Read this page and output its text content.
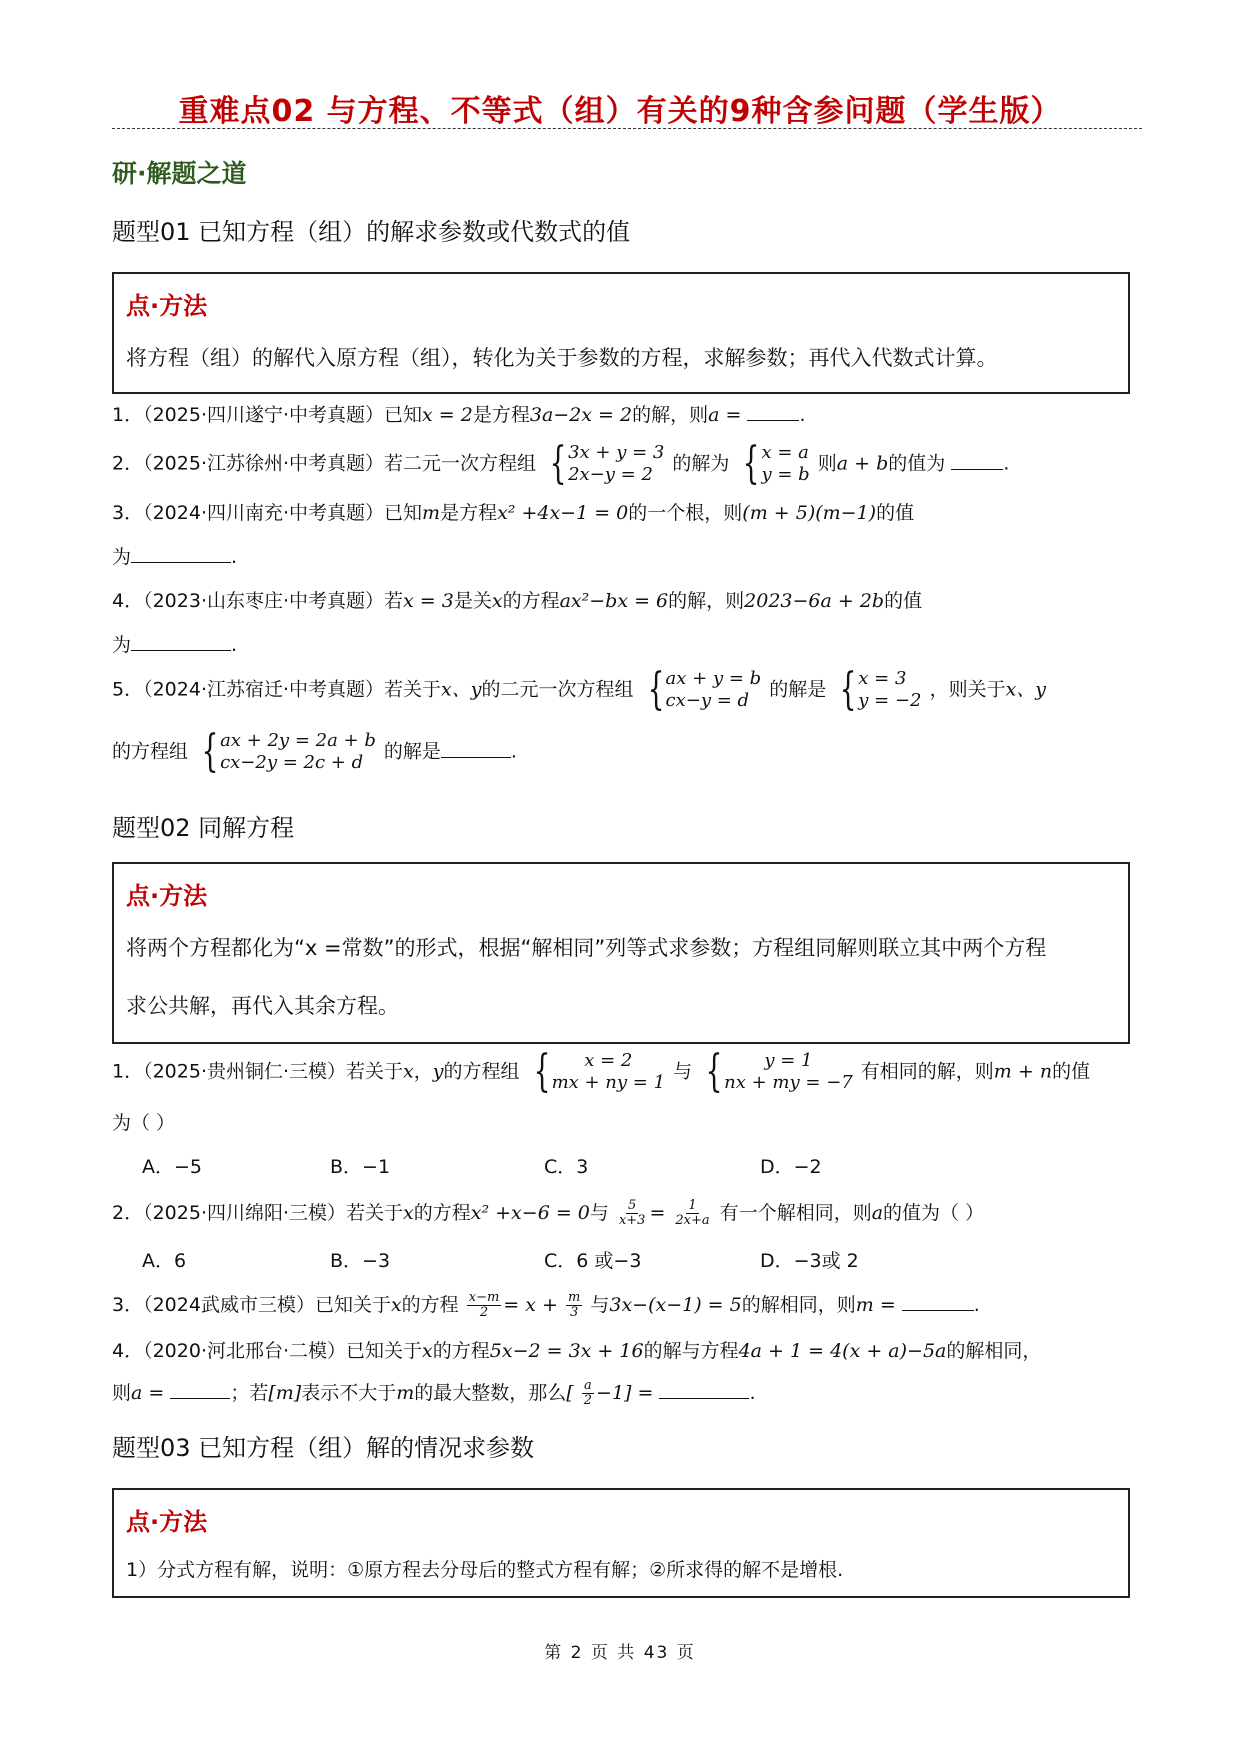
重难点02 与方程、不等式（组）有关的9种含参问题（学生版）
研·解题之道
题型01 已知方程（组）的解求参数或代数式的值
点·方法
将方程（组）的解代入原方程（组），转化为关于参数的方程，求解参数；再代入代数式计算。
1．（2025·四川遂宁·中考真题）已知x = 2是方程3a−2x = 2的解，则a =	.
2．（2025·江苏徐州·中考真题）若二元一次方程组 { 3x + y = 3
2x−y = 2	的解为 { x = a
y = b 则a + b的值为	.
3．（2024·四川南充·中考真题）已知m是方程x² +4x−1 = 0的一个根，则(m + 5)(m−1)的值
为	.
4．（2023·山东枣庄·中考真题）若x = 3是关x的方程ax²−bx = 6的解，则2023−6a + 2b的值
为	.
5．（2024·江苏宿迁·中考真题）若关于x、y的二元一次方程组 { ax + y = b
cx−y = d	的解是 { x = 3
y = −2 ，则关于x、y
的方程组 { ax + 2y = 2a + b
cx−2y = 2c + d	的解是	.
题型02 同解方程
点·方法
将两个方程都化为“x =常数”的形式，根据“解相同”列等式求参数；方程组同解则联立其中两个方程
求公共解，再代入其余方程。
1．（2025·贵州铜仁·三模）若关于x，y的方程组 {	x = 2
mx + ny = 1 与 {	y = 1
nx + my = −7 有相同的解，则m + n的值
为（ ）
A．−5	B．−1	C．3	D．−2
2．（2025·四川绵阳·三模）若关于x的方程x² +x−6 = 0与 $\frac{5}{x+3} = \frac{1}{2x+a}$ 有一个解相同，则a的值为（ ）
A．6	B．−3	C．6 或−3	D．−3或 2
3．（2024武威市三模）已知关于x的方程 $\frac{x-m}{2} = x + \frac{m}{3}$ 与3x−(x−1) = 5的解相同，则m =	.
4．（2020·河北邢台·二模）已知关于x的方程5x−2 = 3x + 16的解与方程4a + 1 = 4(x + a)−5a的解相同，
则a =	；若[m]表示不大于m的最大整数，那么[ $\frac{a}{2} -1$] =	.
题型03 已知方程（组）解的情况求参数
点·方法
1）分式方程有解，说明：①原方程去分母后的整式方程有解；②所求得的解不是增根.
第 2 页 共 43 页
